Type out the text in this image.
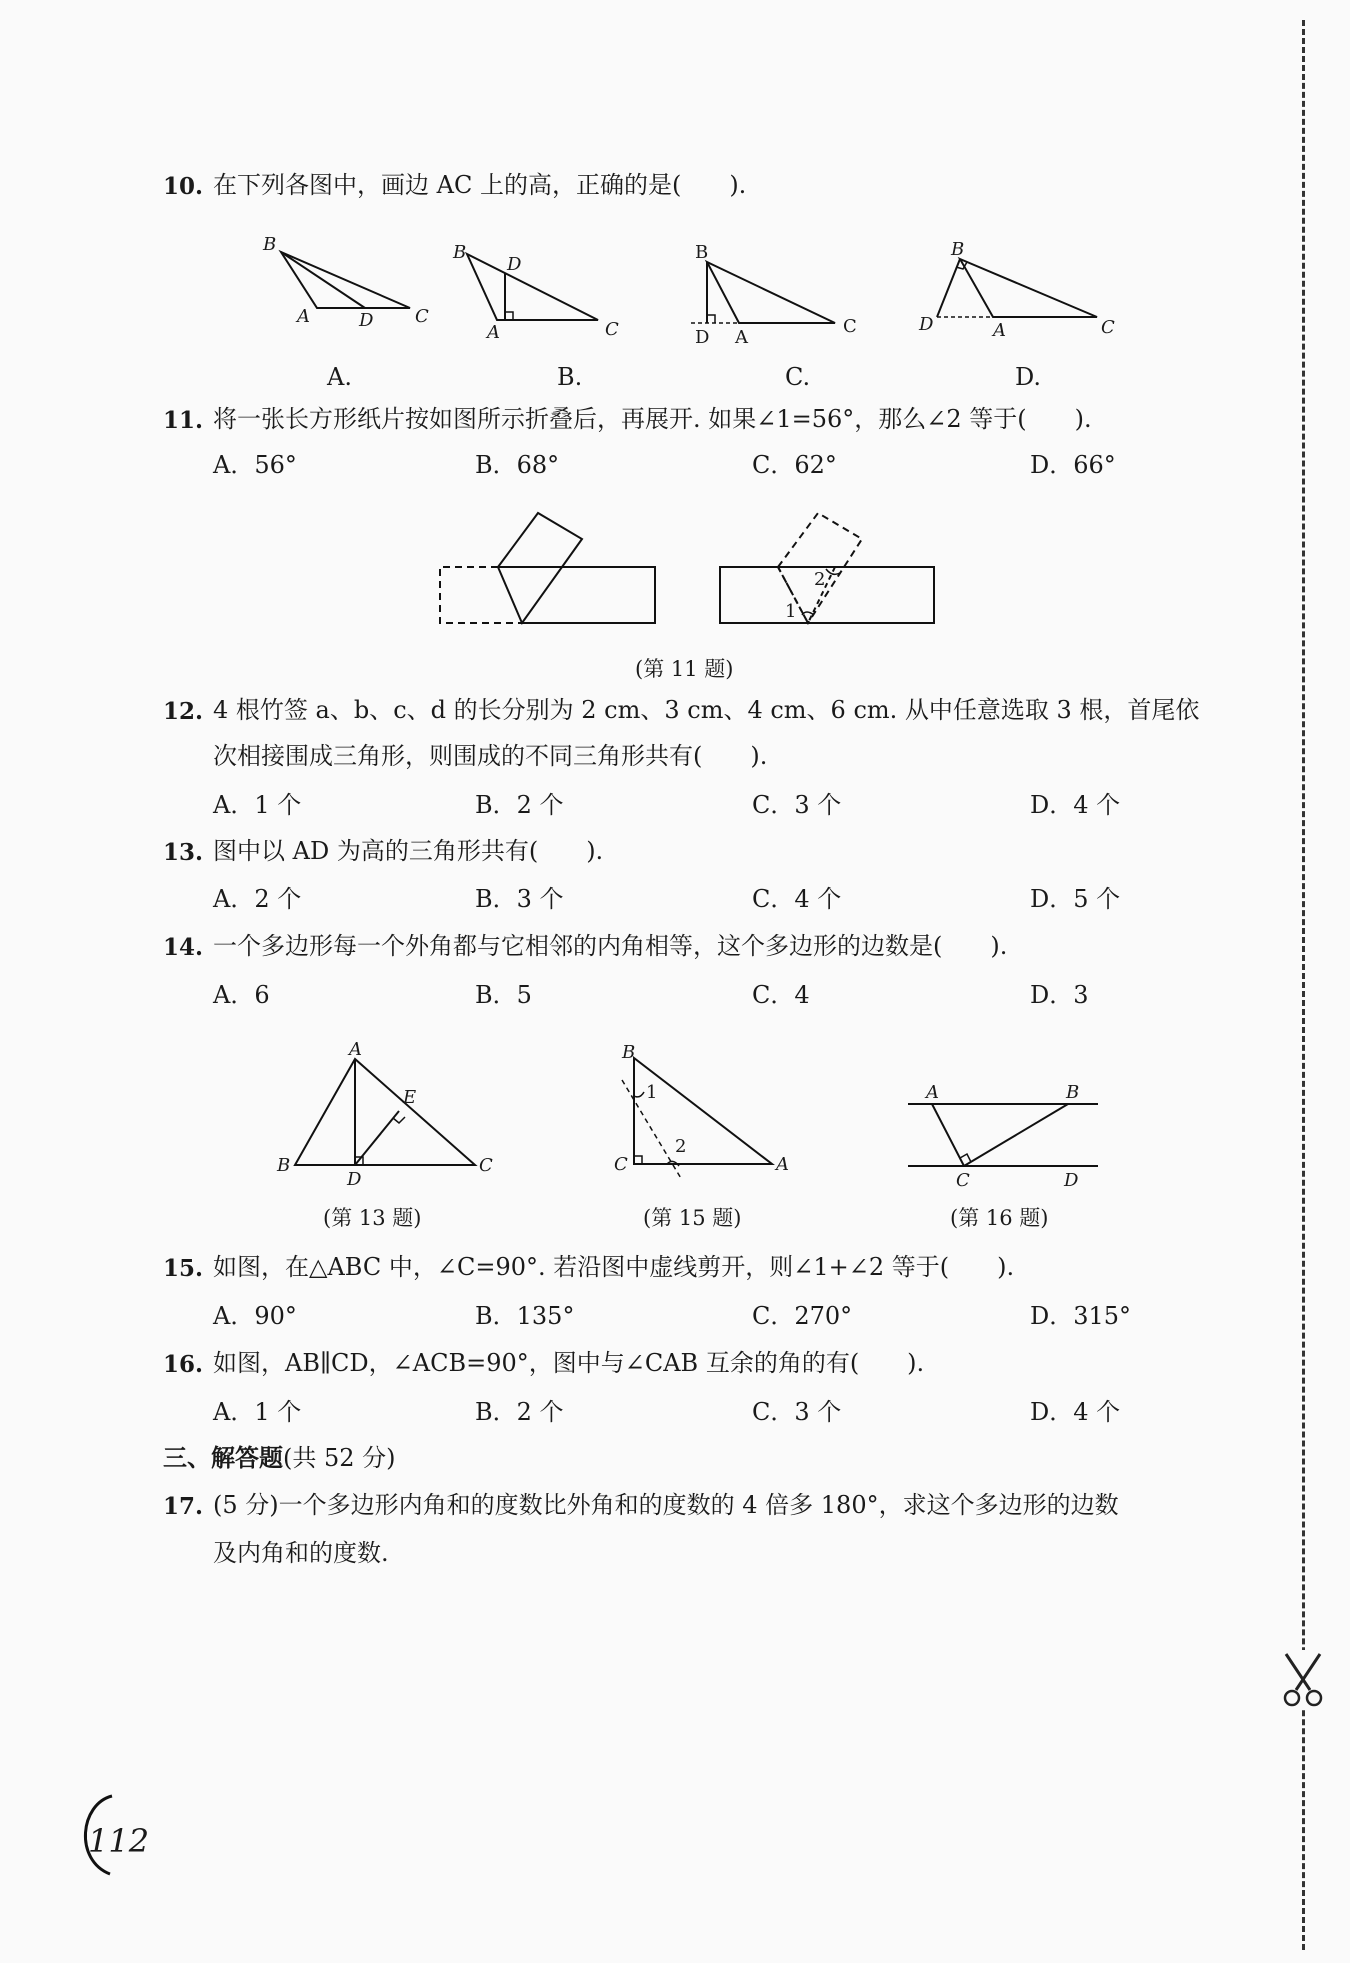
10. 在下列各图中，画边 AC 上的高，正确的是(　　).
B
A	D C
A.
B
D
A	C
B.
B
D A
C
C.
B
D	A	C
D.
11. 将一张长方形纸片按如图所示折叠后，再展开. 如果∠1=56°，那么∠2 等于(　　).
A．56°	B．68°	C．62°	D．66°
2
1
(第 11 题)
12. 4 根竹签 a、b、c、d 的长分别为 2 cm、3 cm、4 cm、6 cm. 从中任意选取 3 根，首尾依
次相接围成三角形，则围成的不同三角形共有(　　).
A．1 个	B．2 个	C．3 个	D．4 个
13. 图中以 AD 为高的三角形共有(　　).
A．2 个	B．3 个	C．4 个	D．5 个
14. 一个多边形每一个外角都与它相邻的内角相等，这个多边形的边数是(　　).
A．6	B．5	C．4	D．3
A
E
B
D
C
(第 13 题)
B
1
2
C	A
(第 15 题)
A	B
C	D
(第 16 题)
15. 如图，在△ABC 中，∠C=90°. 若沿图中虚线剪开，则∠1+∠2 等于(　　).
A．90°	B．135°	C．270°	D．315°
16. 如图，AB∥CD，∠ACB=90°，图中与∠CAB 互余的角的有(　　).
A．1 个	B．2 个	C．3 个	D．4 个
三、解答题(共 52 分)
17. (5 分)一个多边形内角和的度数比外角和的度数的 4 倍多 180°，求这个多边形的边数
及内角和的度数.
112
